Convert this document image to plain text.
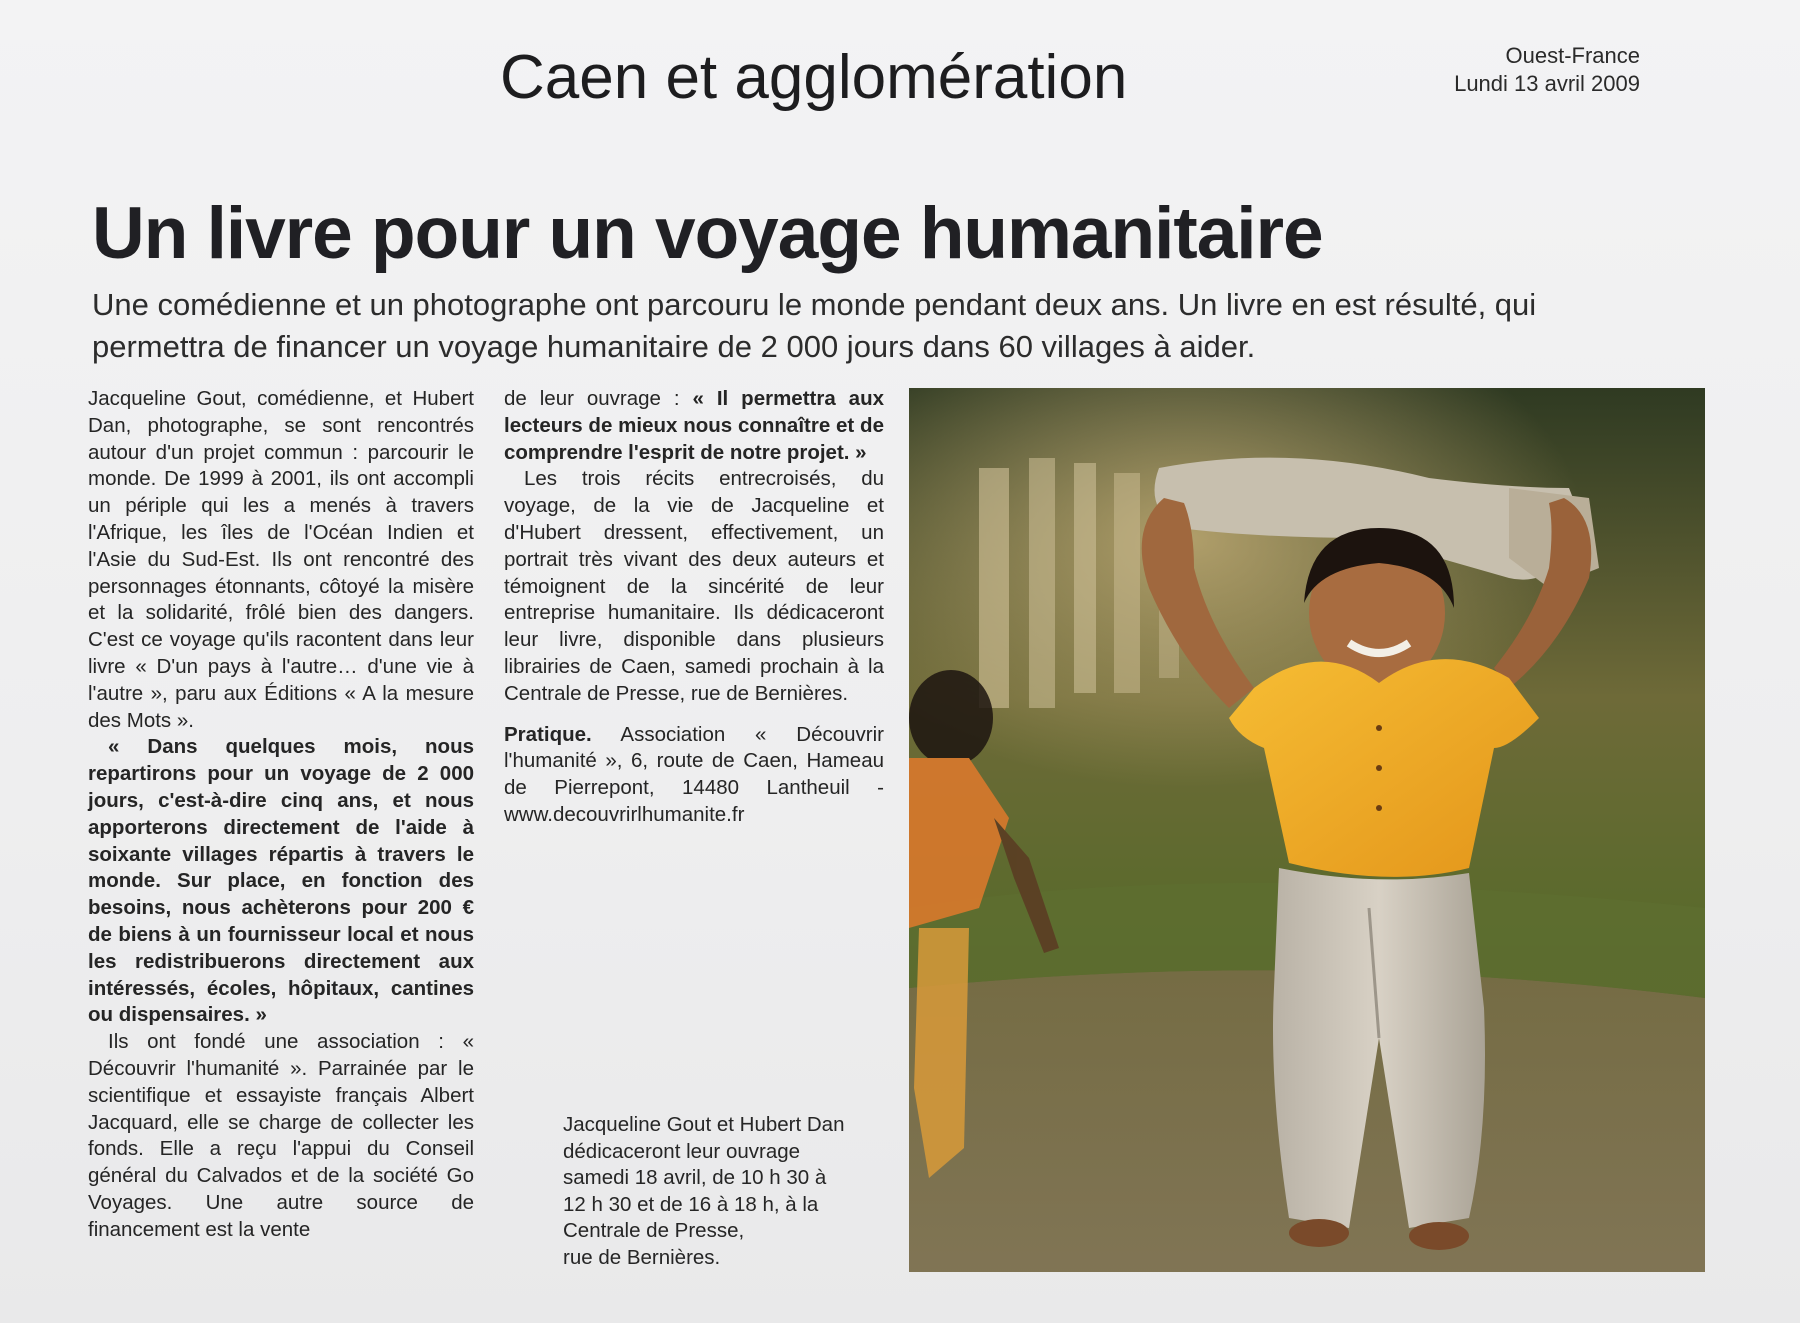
Caen et agglomération	Ouest-France
Lundi 13 avril 2009
Un livre pour un voyage humanitaire
Une comédienne et un photographe ont parcouru le monde pendant deux ans. Un livre en est résulté, qui permettra de financer un voyage humanitaire de 2 000 jours dans 60 villages à aider.

Jacqueline Gout, comédienne, et Hubert Dan, photographe, se sont rencontrés autour d'un projet commun : parcourir le monde. De 1999 à 2001, ils ont accompli un périple qui les a menés à travers l'Afrique, les îles de l'Océan Indien et l'Asie du Sud-Est. Ils ont rencontré des personnages étonnants, côtoyé la misère et la solidarité, frôlé bien des dangers. C'est ce voyage qu'ils racontent dans leur livre « D'un pays à l'autre… d'une vie à l'autre », paru aux Éditions « A la mesure des Mots ».

« Dans quelques mois, nous repartirons pour un voyage de 2 000 jours, c'est-à-dire cinq ans, et nous apporterons directement de l'aide à soixante villages répartis à travers le monde. Sur place, en fonction des besoins, nous achèterons pour 200 € de biens à un fournisseur local et nous les redistribuerons directement aux intéressés, écoles, hôpitaux, cantines ou dispensaires. »

Ils ont fondé une association : « Découvrir l'humanité ». Parrainée par le scientifique et essayiste français Albert Jacquard, elle se charge de collecter les fonds. Elle a reçu l'appui du Conseil général du Calvados et de la société Go Voyages. Une autre source de financement est la vente

de leur ouvrage : « Il permettra aux lecteurs de mieux nous connaître et de comprendre l'esprit de notre projet. »

Les trois récits entrecroisés, du voyage, de la vie de Jacqueline et d'Hubert dressent, effectivement, un portrait très vivant des deux auteurs et témoignent de la sincérité de leur entreprise humanitaire. Ils dédicaceront leur livre, disponible dans plusieurs librairies de Caen, samedi prochain à la Centrale de Presse, rue de Bernières.

Pratique. Association « Découvrir l'humanité », 6, route de Caen, Hameau de Pierrepont, 14480 Lantheuil - www.decouvrirlhumanite.fr

Jacqueline Gout et Hubert Dan
dédicaceront leur ouvrage
samedi 18 avril, de 10 h 30 à
12 h 30 et de 16 à 18 h, à la
Centrale de Presse,
rue de Bernières.
